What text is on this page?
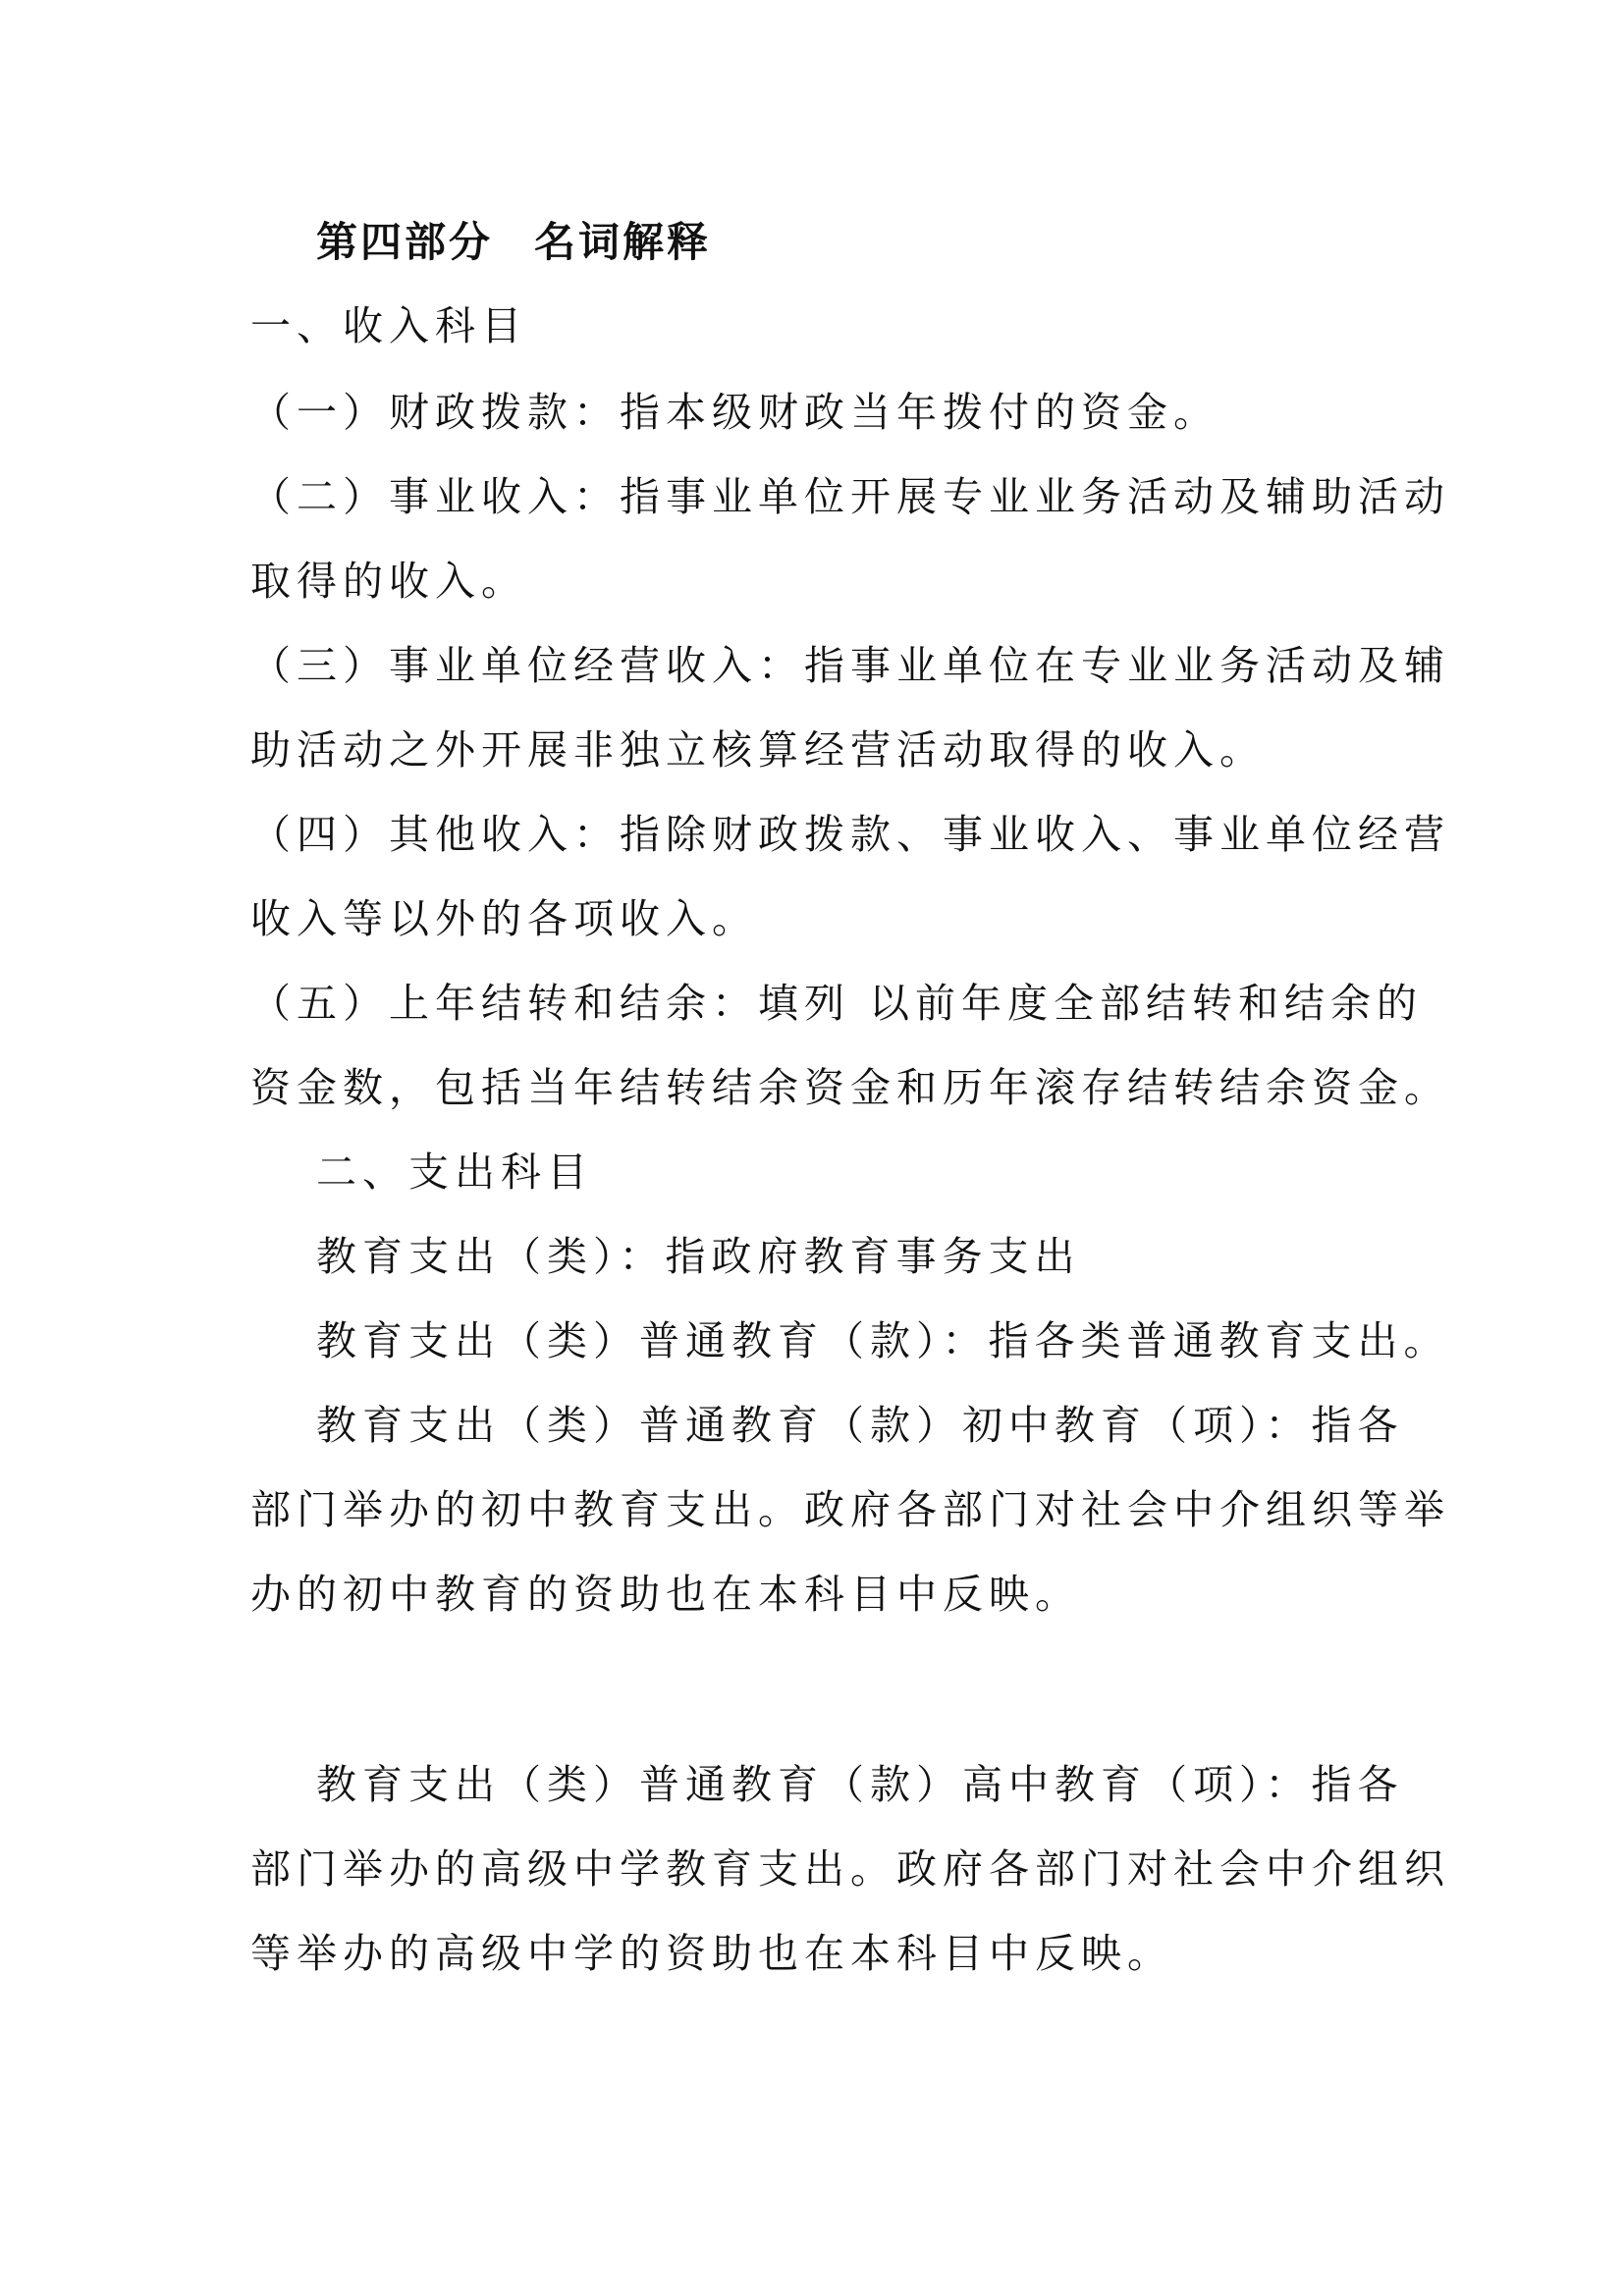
第四部分 名词解释

一、收入科目

（一）财政拨款：指本级财政当年拨付的资金。

（二）事业收入：指事业单位开展专业业务活动及辅助活动

取得的收入。

（三）事业单位经营收入：指事业单位在专业业务活动及辅

助活动之外开展非独立核算经营活动取得的收入。

（四）其他收入：指除财政拨款、事业收入、事业单位经营

收入等以外的各项收入。

（五）上年结转和结余：填列 以前年度全部结转和结余的

资金数，包括当年结转结余资金和历年滚存结转结余资金。

二、支出科目

教育支出（类）：指政府教育事务支出

教育支出（类）普通教育（款）：指各类普通教育支出。

教育支出（类）普通教育（款）初中教育（项）：指各

部门举办的初中教育支出。政府各部门对社会中介组织等举

办的初中教育的资助也在本科目中反映。

教育支出（类）普通教育（款）高中教育（项）：指各

部门举办的高级中学教育支出。政府各部门对社会中介组织

等举办的高级中学的资助也在本科目中反映。
